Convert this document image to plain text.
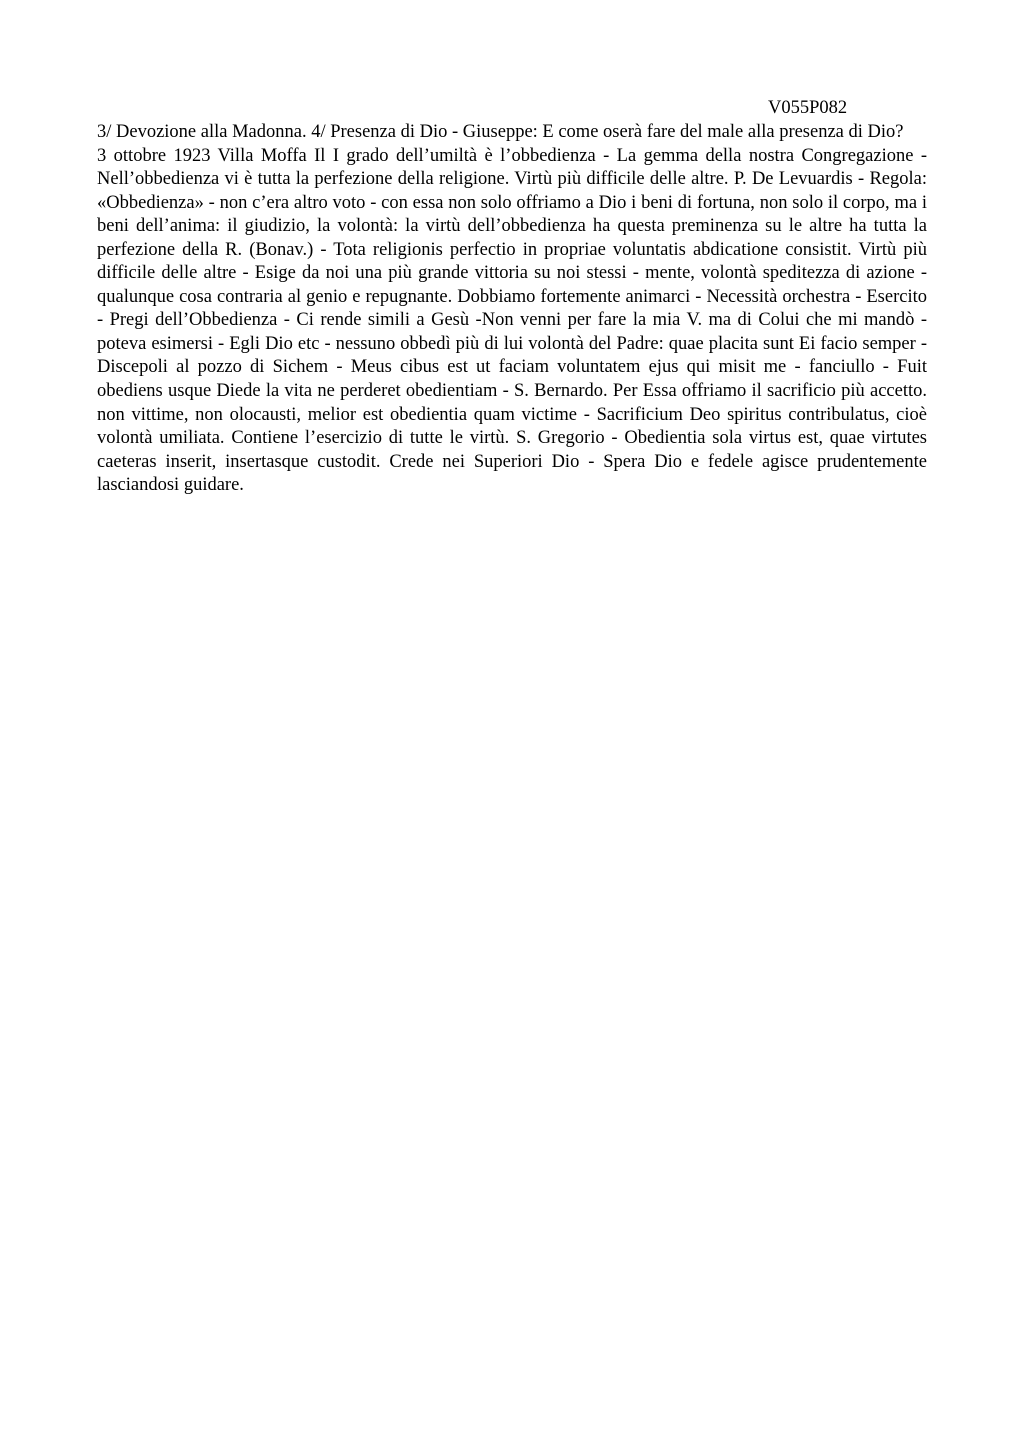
V055P082

3/ Devozione alla Madonna. 4/ Presenza di Dio - Giuseppe: E come oserà fare del male alla presenza di Dio?

3 ottobre 1923 Villa Moffa Il I grado dell’umiltà è l’obbedienza - La gemma della nostra Congregazione - Nell’obbedienza vi è tutta la perfezione della religione. Virtù più difficile delle altre. P. De Levuardis - Regola: «Obbedienza» - non c’era altro voto - con essa non solo offriamo a Dio i beni di fortuna, non solo il corpo, ma i beni dell’anima: il giudizio, la volontà: la virtù dell’obbedienza ha questa preminenza su le altre ha tutta la perfezione della R. (Bonav.) - Tota religionis perfectio in propriae voluntatis abdicatione consistit. Virtù più difficile delle altre - Esige da noi una più grande vittoria su noi stessi - mente, volontà speditezza di azione - qualunque cosa contraria al genio e repugnante. Dobbiamo fortemente animarci - Necessità orchestra - Esercito - Pregi dell’Obbedienza - Ci rende simili a Gesù -Non venni per fare la mia V. ma di Colui che mi mandò - poteva esimersi - Egli Dio etc - nessuno obbedì più di lui volontà del Padre: quae placita sunt Ei facio semper - Discepoli al pozzo di Sichem - Meus cibus est ut faciam voluntatem ejus qui misit me - fanciullo - Fuit obediens usque Diede la vita ne perderet obedientiam - S. Bernardo. Per Essa offriamo il sacrificio più accetto. non vittime, non olocausti, melior est obedientia quam victime - Sacrificium Deo spiritus contribulatus, cioè volontà umiliata. Contiene l’esercizio di tutte le virtù. S. Gregorio - Obedientia sola virtus est, quae virtutes caeteras inserit, insertasque custodit. Crede nei Superiori Dio - Spera Dio e fedele agisce prudentemente lasciandosi guidare.
